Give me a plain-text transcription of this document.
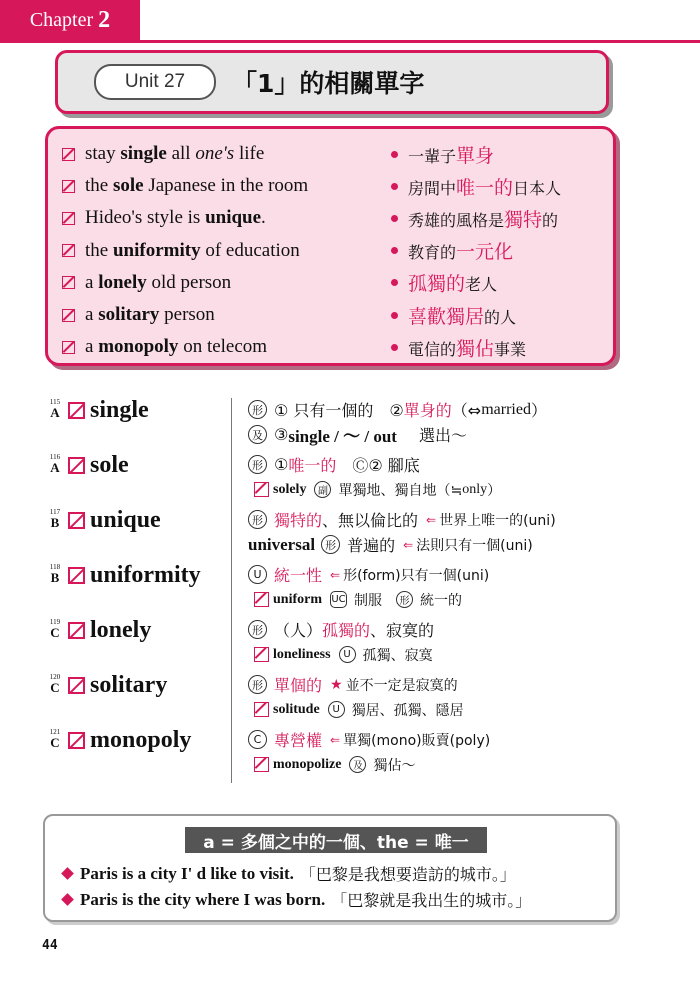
Chapter 2
Unit 27	「1」的相關單字
stay single all one's life	一輩子單身
the sole Japanese in the room	房間中唯一的日本人
Hideo's style is unique.	秀雄的風格是獨特的
the uniformity of education	教育的一元化
a lonely old person	孤獨的老人
a solitary person	喜歡獨居的人
a monopoly on telecom	電信的獨佔事業
115
A single	形 ① 只有一個的　② 單身的 （⇔ married ）
及 ③ single / ～ / out 　選出～
116
A sole	形 ① 唯一的 　Ⓒ② 腳底
solely	副 單獨地、獨自地（≒ only ）
117
B unique	形 獨特的 、無以倫比的 ⇐ 世界上唯一的(uni)
universal 形 普遍的 ⇐ 法則只有一個(uni)
118
B uniformity	U 統一性 ⇐ 形(form)只有一個(uni)
uniform UC 制服　 形 統一的
119
C lonely	形 （人） 孤獨的 、寂寞的
loneliness	U 孤獨、寂寞
120
C solitary	形 單個的 ★ 並不一定是寂寞的
solitude	U 獨居、孤獨、隱居
121
C monopoly	C 專營權 ⇐ 單獨(mono)販賣(poly)
monopolize	及 獨佔～
a = 多個之中的一個、the = 唯一
Paris is a city I' d like to visit. 「巴黎是我想要造訪的城市。」
Paris is the city where I was born. 「巴黎就是我出生的城市。」
44
